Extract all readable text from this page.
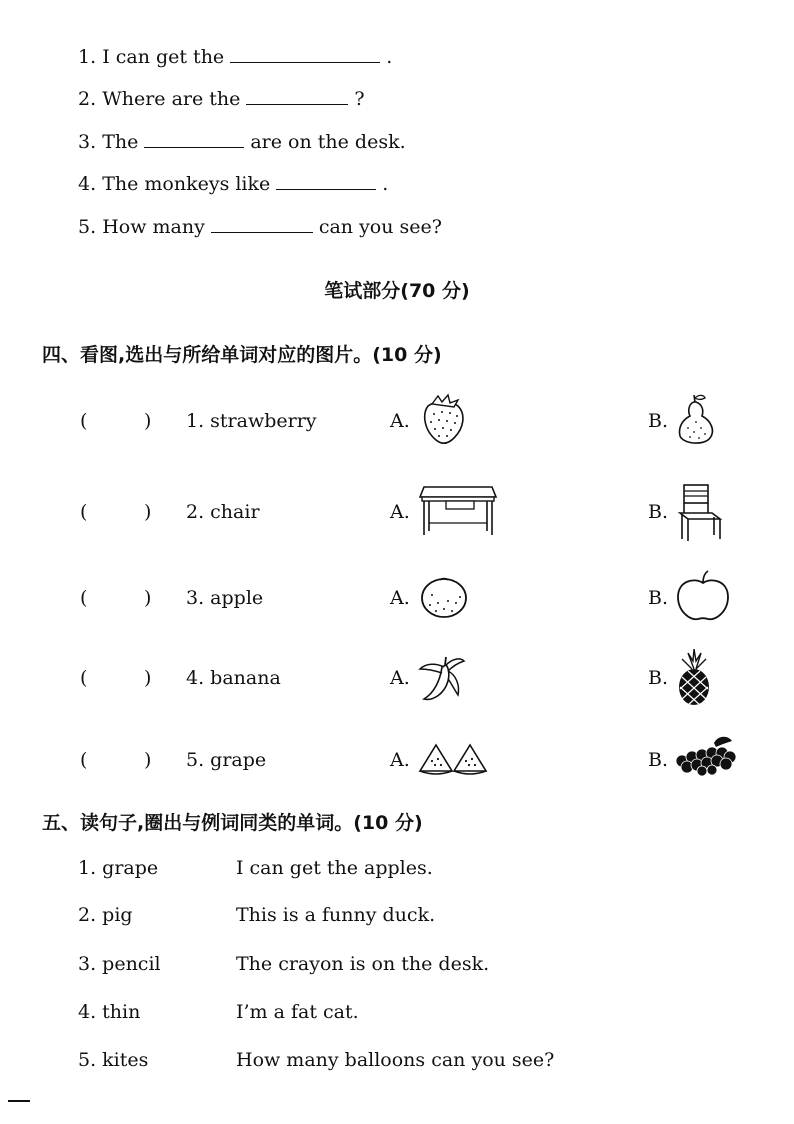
1. I can get the	.
2. Where are the	?
3. The	are on the desk.
4. The monkeys like	.
5. How many	can you see?
笔试部分(70 分)
四、看图,选出与所给单词对应的图片。(10 分)
(	) 1. strawberry	A.	B.
(	) 2. chair	A.	B.
(	) 3. apple	A.	B.
(	) 4. banana	A.	B.
(	) 5. grape	A.	B.
五、读句子,圈出与例词同类的单词。(10 分)
1. grape	I can get the apples.
2. pig	This is a funny duck.
3. pencil	The crayon is on the desk.
4. thin	I’m a fat cat.
5. kites	How many balloons can you see?
